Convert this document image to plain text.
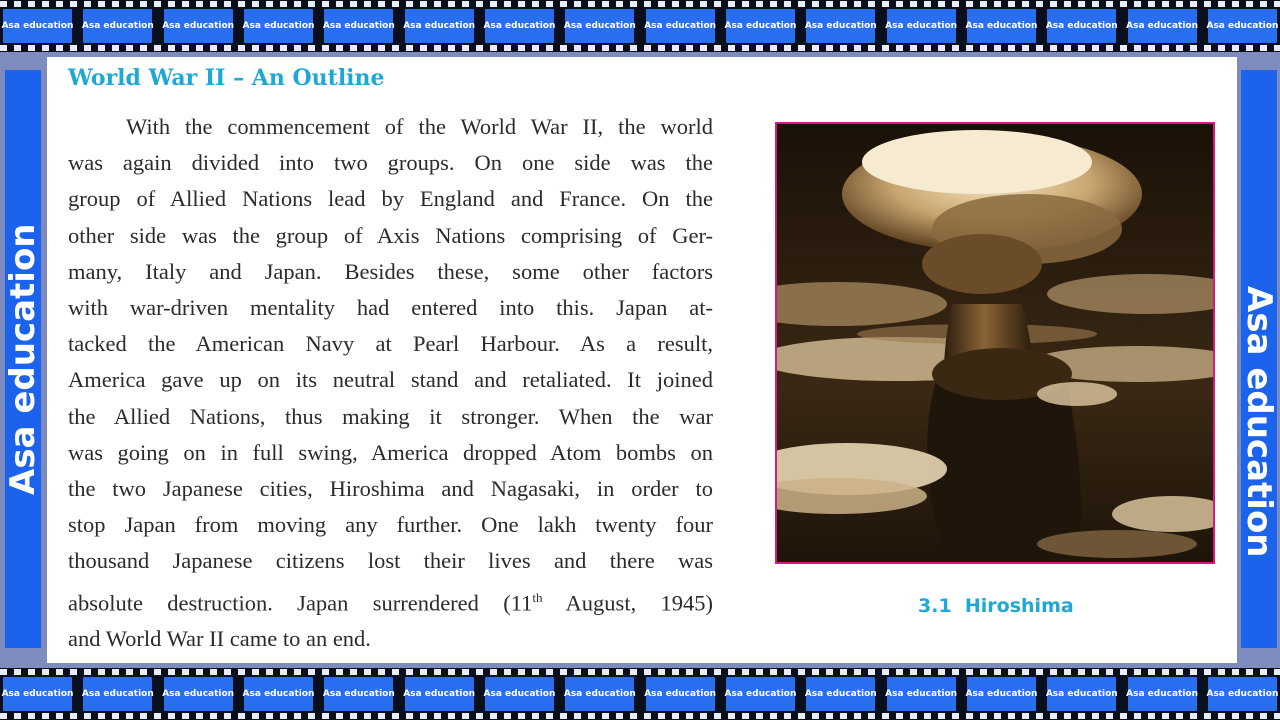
Asa education Asa education Asa education Asa education Asa education Asa education Asa education Asa education Asa education Asa education Asa education Asa education Asa education Asa education Asa education Asa education
Asa education	Asa education
World War II – An Outline

With the commencement of the World War II, the world
was again divided into two groups. On one side was the
group of Allied Nations lead by England and France. On the
other side was the group of Axis Nations comprising of Ger-
many, Italy and Japan. Besides these, some other factors
with war-driven mentality had entered into this. Japan at-
tacked the American Navy at Pearl Harbour. As a result,
America gave up on its neutral stand and retaliated. It joined
the Allied Nations, thus making it stronger. When the war
was going on in full swing, America dropped Atom bombs on
the two Japanese cities, Hiroshima and Nagasaki, in order to
stop Japan from moving any further. One lakh twenty four
thousand Japanese citizens lost their lives and there was
absolute destruction. Japan surrendered (11th August, 1945)
and World War II came to an end.

3.1  Hiroshima

Asa education Asa education Asa education Asa education Asa education Asa education Asa education Asa education Asa education Asa education Asa education Asa education Asa education Asa education Asa education Asa education
